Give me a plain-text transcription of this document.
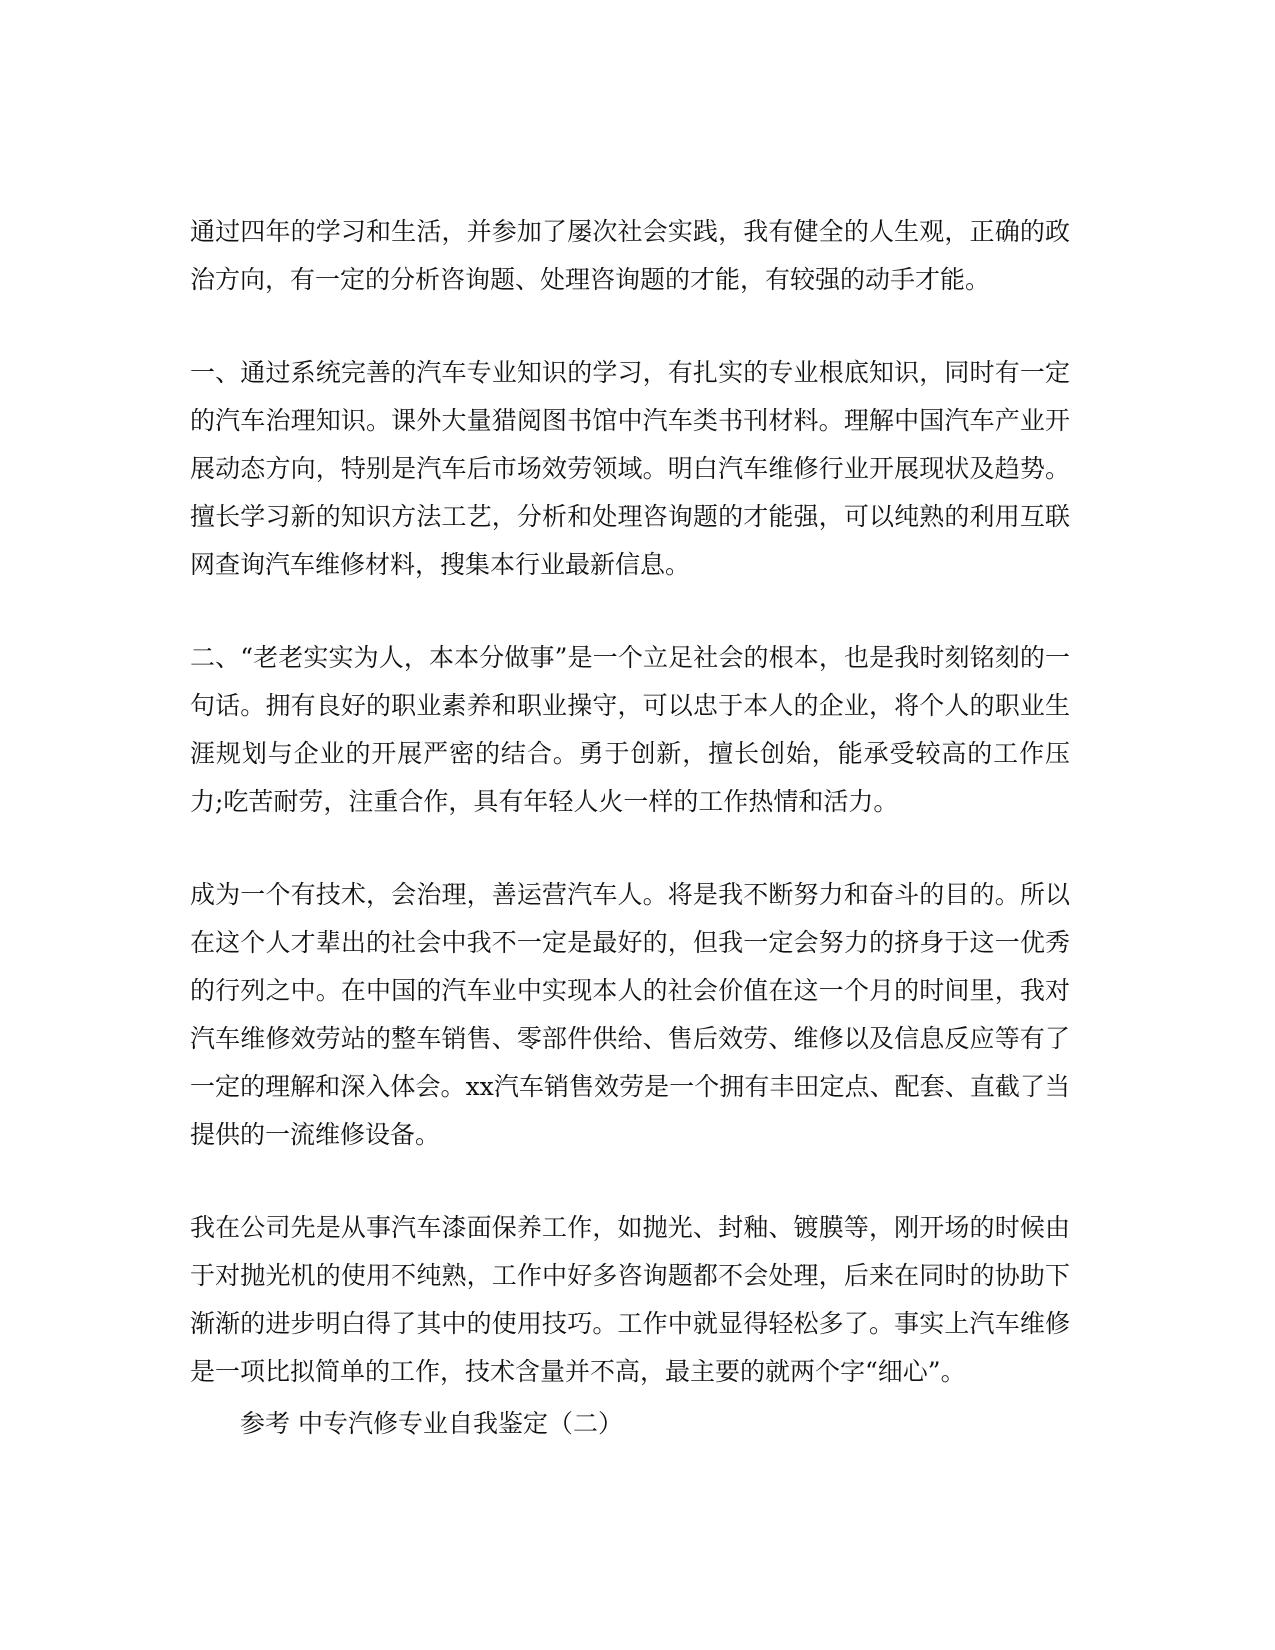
通过四年的学习和生活，并参加了屡次社会实践，我有健全的人生观，正确的政治方向，有一定的分析咨询题、处理咨询题的才能，有较强的动手才能。

一、通过系统完善的汽车专业知识的学习，有扎实的专业根底知识，同时有一定的汽车治理知识。课外大量猎阅图书馆中汽车类书刊材料。理解中国汽车产业开展动态方向，特别是汽车后市场效劳领域。明白汽车维修行业开展现状及趋势。擅长学习新的知识方法工艺，分析和处理咨询题的才能强，可以纯熟的利用互联网查询汽车维修材料，搜集本行业最新信息。

二、“老老实实为人，本本分做事”是一个立足社会的根本，也是我时刻铭刻的一句话。拥有良好的职业素养和职业操守，可以忠于本人的企业，将个人的职业生涯规划与企业的开展严密的结合。勇于创新，擅长创始，能承受较高的工作压力;吃苦耐劳，注重合作，具有年轻人火一样的工作热情和活力。

成为一个有技术，会治理，善运营汽车人。将是我不断努力和奋斗的目的。所以在这个人才辈出的社会中我不一定是最好的，但我一定会努力的挤身于这一优秀的行列之中。在中国的汽车业中实现本人的社会价值在这一个月的时间里，我对汽车维修效劳站的整车销售、零部件供给、售后效劳、维修以及信息反应等有了一定的理解和深入体会。xx汽车销售效劳是一个拥有丰田定点、配套、直截了当提供的一流维修设备。

我在公司先是从事汽车漆面保养工作，如抛光、封釉、镀膜等，刚开场的时候由于对抛光机的使用不纯熟，工作中好多咨询题都不会处理，后来在同时的协助下渐渐的进步明白得了其中的使用技巧。工作中就显得轻松多了。事实上汽车维修是一项比拟简单的工作，技术含量并不高，最主要的就两个字“细心”。

参考 中专汽修专业自我鉴定（二）
